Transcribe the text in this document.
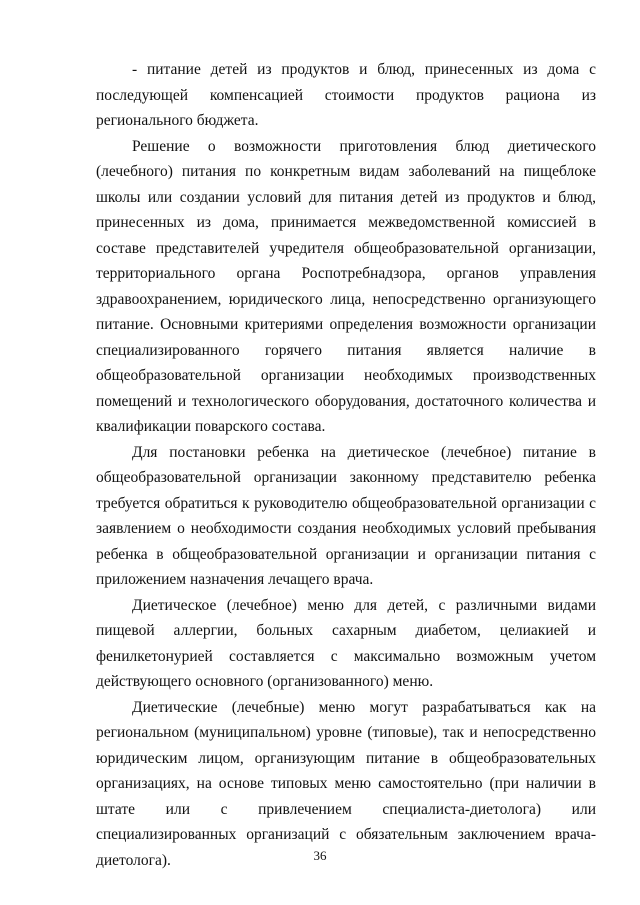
- питание детей из продуктов и блюд, принесенных из дома с последующей компенсацией стоимости продуктов рациона из регионального бюджета.

Решение о возможности приготовления блюд диетического (лечебного) питания по конкретным видам заболеваний на пищеблоке школы или создании условий для питания детей из продуктов и блюд, принесенных из дома, принимается межведомственной комиссией в составе представителей учредителя общеобразовательной организации, территориального органа Роспотребнадзора, органов управления здравоохранением, юридического лица, непосредственно организующего питание. Основными критериями определения возможности организации специализированного горячего питания является наличие в общеобразовательной организации необходимых производственных помещений и технологического оборудования, достаточного количества и квалификации поварского состава.

Для постановки ребенка на диетическое (лечебное) питание в общеобразовательной организации законному представителю ребенка требуется обратиться к руководителю общеобразовательной организации с заявлением о необходимости создания необходимых условий пребывания ребенка в общеобразовательной организации и организации питания с приложением назначения лечащего врача.

Диетическое (лечебное) меню для детей, с различными видами пищевой аллергии, больных сахарным диабетом, целиакией и фенилкетонурией составляется с максимально возможным учетом действующего основного (организованного) меню.

Диетические (лечебные) меню могут разрабатываться как на региональном (муниципальном) уровне (типовые), так и непосредственно юридическим лицом, организующим питание в общеобразовательных организациях, на основе типовых меню самостоятельно (при наличии в штате или с привлечением специалиста-диетолога) или специализированных организаций с обязательным заключением врача-диетолога).	36
